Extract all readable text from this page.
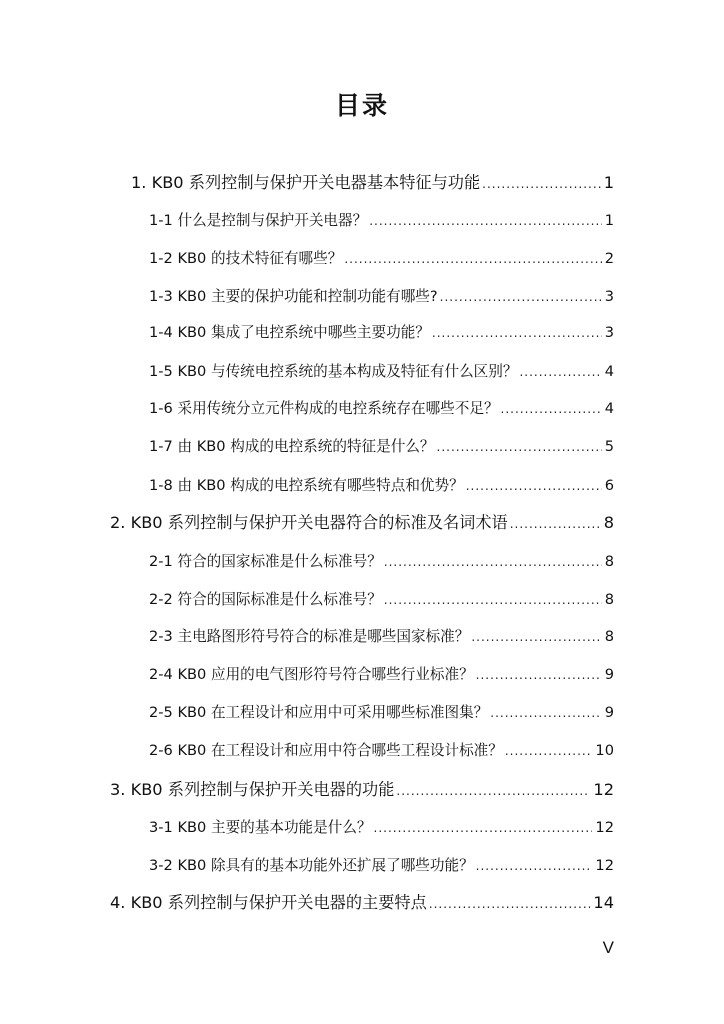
目录
1. KB0 系列控制与保护开关电器基本特征与功能 .....	1
1-1 什么是控制与保护开关电器？ .....	1
1-2 KB0 的技术特征有哪些？ .....	2
1-3 KB0 主要的保护功能和控制功能有哪些? .....	3
1-4 KB0 集成了电控系统中哪些主要功能？ .....	3
1-5 KB0 与传统电控系统的基本构成及特征有什么区别？ .....	4
1-6 采用传统分立元件构成的电控系统存在哪些不足？ .....	4
1-7 由 KB0 构成的电控系统的特征是什么？ .....	5
1-8 由 KB0 构成的电控系统有哪些特点和优势？ .....	6
2. KB0 系列控制与保护开关电器符合的标准及名词术语 .....	8
2-1 符合的国家标准是什么标准号？ .....	8
2-2 符合的国际标准是什么标准号？ .....	8
2-3 主电路图形符号符合的标准是哪些国家标准？ .....	8
2-4 KB0 应用的电气图形符号符合哪些行业标准？ .....	9
2-5 KB0 在工程设计和应用中可采用哪些标准图集？ .....	9
2-6 KB0 在工程设计和应用中符合哪些工程设计标准？ .....	10
3. KB0 系列控制与保护开关电器的功能 .....	12
3-1 KB0 主要的基本功能是什么？ .....	12
3-2 KB0 除具有的基本功能外还扩展了哪些功能？ .....	12
4. KB0 系列控制与保护开关电器的主要特点 .....	14
V
